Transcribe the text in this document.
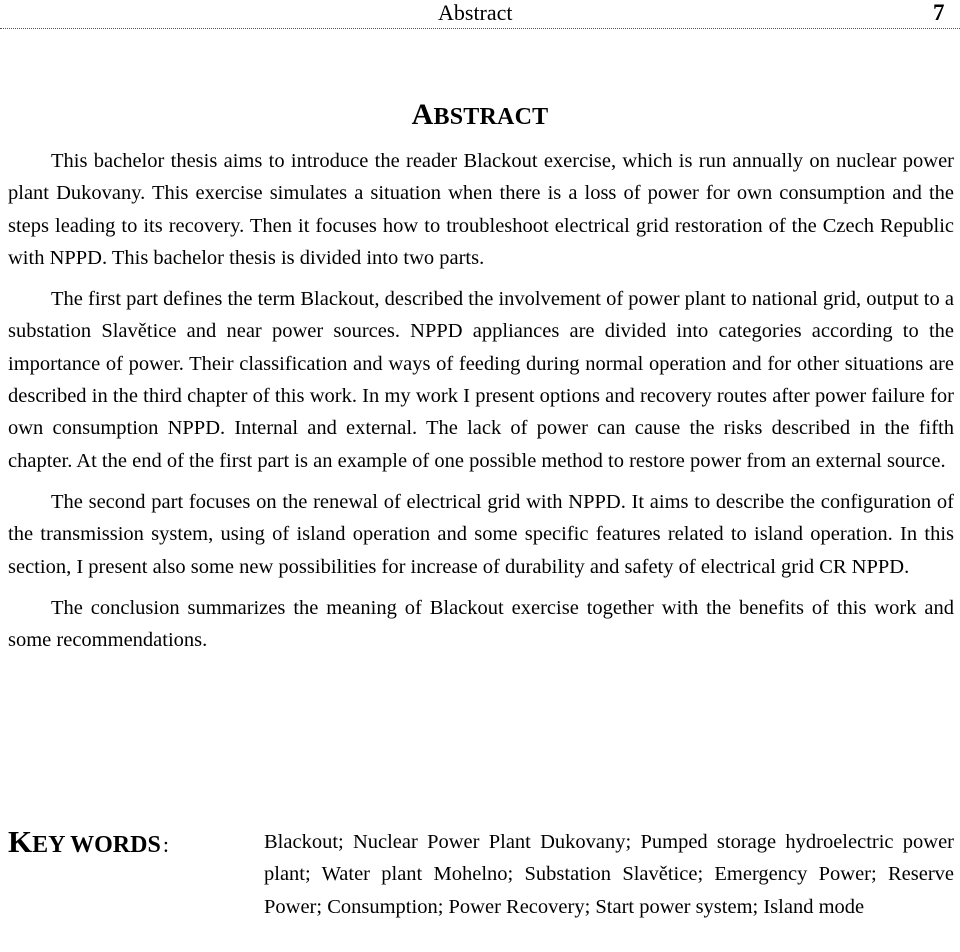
Abstract	7
ABSTRACT

This bachelor thesis aims to introduce the reader Blackout exercise, which is run annually on nuclear power plant Dukovany. This exercise simulates a situation when there is a loss of power for own consumption and the steps leading to its recovery. Then it focuses how to troubleshoot electrical grid restoration of the Czech Republic with NPPD. This bachelor thesis is divided into two parts.

The first part defines the term Blackout, described the involvement of power plant to national grid, output to a substation Slavětice and near power sources. NPPD appliances are divided into categories according to the importance of power. Their classification and ways of feeding during normal operation and for other situations are described in the third chapter of this work. In my work I present options and recovery routes after power failure for own consumption NPPD. Internal and external. The lack of power can cause the risks described in the fifth chapter. At the end of the first part is an example of one possible method to restore power from an external source.

The second part focuses on the renewal of electrical grid with NPPD. It aims to describe the configuration of the transmission system, using of island operation and some specific features related to island operation. In this section, I present also some new possibilities for increase of durability and safety of electrical grid CR NPPD.

The conclusion summarizes the meaning of Blackout exercise together with the benefits of this work and some recommendations.

KEY WORDS:	Blackout; Nuclear Power Plant Dukovany; Pumped storage hydroelectric power plant; Water plant Mohelno; Substation Slavětice; Emergency Power; Reserve Power; Consumption; Power Recovery; Start power system; Island mode
